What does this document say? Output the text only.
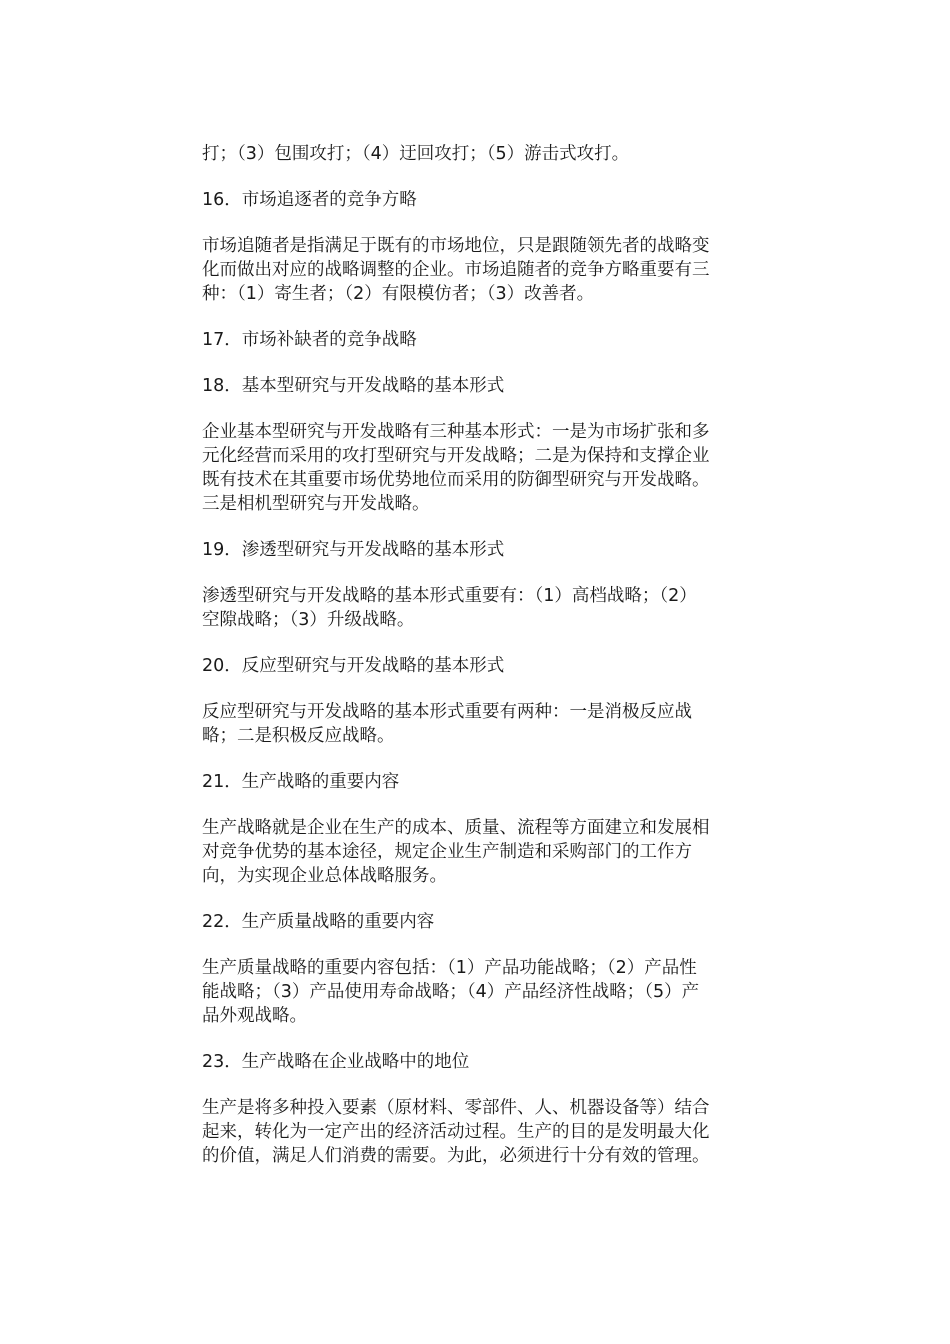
打；（3）包围攻打；（4）迂回攻打；（5）游击式攻打。

16．市场追逐者的竞争方略

市场追随者是指满足于既有的市场地位，只是跟随领先者的战略变
化而做出对应的战略调整的企业。市场追随者的竞争方略重要有三
种：（1）寄生者；（2）有限模仿者；（3）改善者。

17．市场补缺者的竞争战略

18．基本型研究与开发战略的基本形式

企业基本型研究与开发战略有三种基本形式：一是为市场扩张和多
元化经营而采用的攻打型研究与开发战略；二是为保持和支撑企业
既有技术在其重要市场优势地位而采用的防御型研究与开发战略。
三是相机型研究与开发战略。

19．渗透型研究与开发战略的基本形式

渗透型研究与开发战略的基本形式重要有：（1）高档战略；（2）
空隙战略；（3）升级战略。

20．反应型研究与开发战略的基本形式

反应型研究与开发战略的基本形式重要有两种：一是消极反应战
略；二是积极反应战略。

21．生产战略的重要内容

生产战略就是企业在生产的成本、质量、流程等方面建立和发展相
对竞争优势的基本途径，规定企业生产制造和采购部门的工作方
向，为实现企业总体战略服务。

22．生产质量战略的重要内容

生产质量战略的重要内容包括：（1）产品功能战略；（2）产品性
能战略；（3）产品使用寿命战略；（4）产品经济性战略；（5）产
品外观战略。

23．生产战略在企业战略中的地位

生产是将多种投入要素（原材料、零部件、人、机器设备等）结合
起来，转化为一定产出的经济活动过程。生产的目的是发明最大化
的价值，满足人们消费的需要。为此，必须进行十分有效的管理。
